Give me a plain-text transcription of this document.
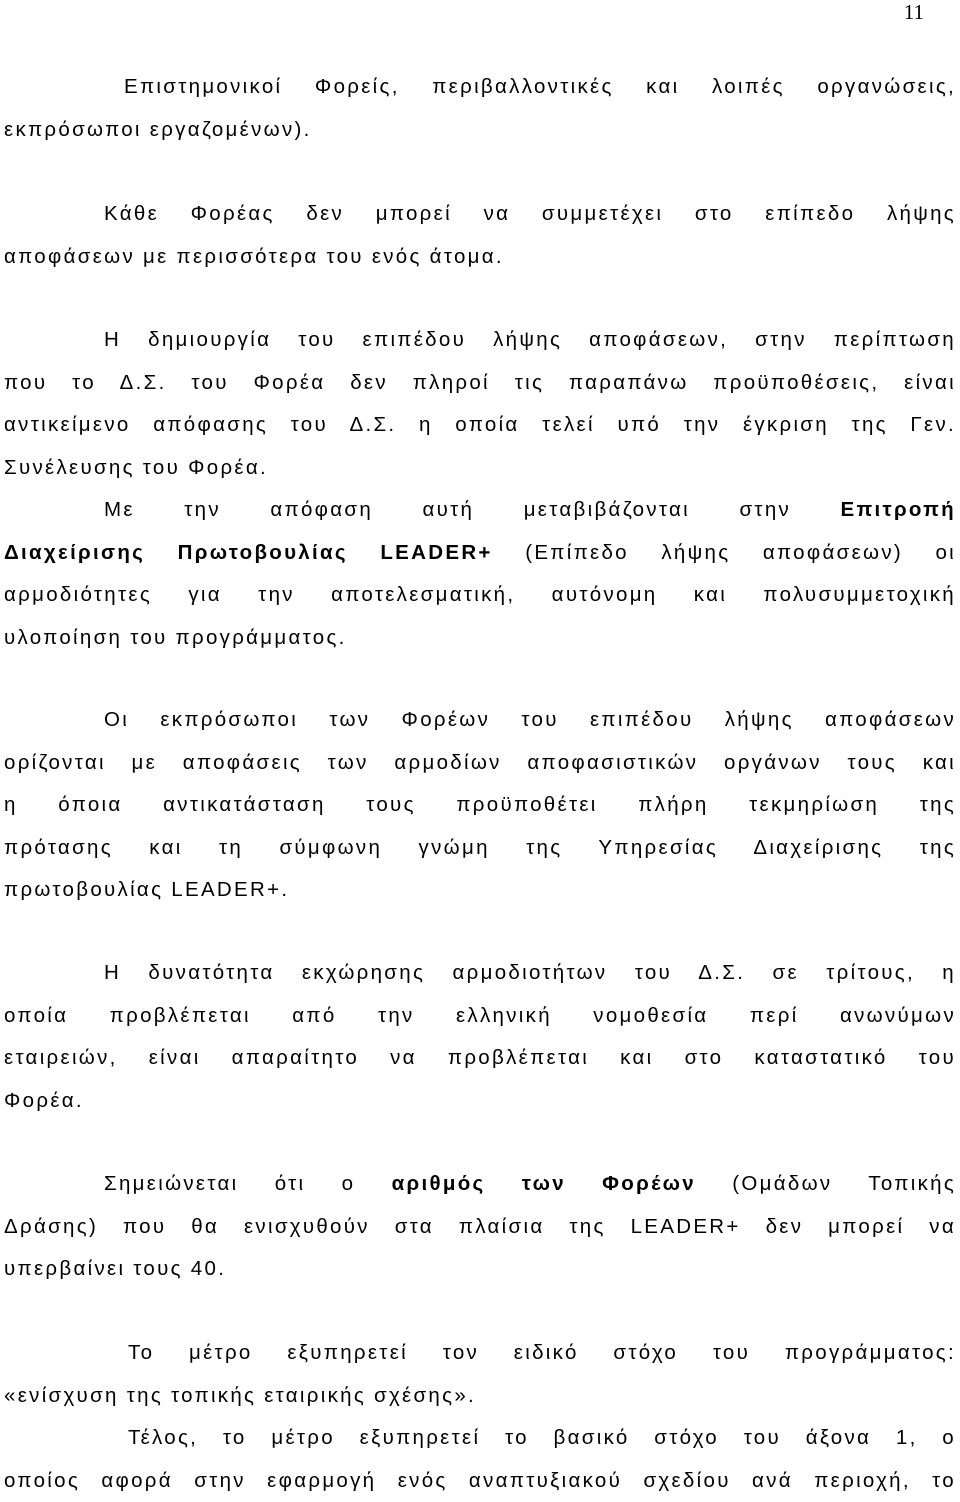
11
Επιστημονικοί Φορείς, περιβαλλοντικές και λοιπές οργανώσεις,
εκπρόσωποι εργαζομένων).
Κάθε Φορέας δεν μπορεί να συμμετέχει στο επίπεδο λήψης
αποφάσεων με περισσότερα του ενός άτομα.
Η δημιουργία του επιπέδου λήψης αποφάσεων, στην περίπτωση
που το Δ.Σ. του Φορέα δεν πληροί τις παραπάνω προϋποθέσεις, είναι
αντικείμενο απόφασης του Δ.Σ. η οποία τελεί υπό την έγκριση της Γεν.
Συνέλευσης του Φορέα.
Με την απόφαση αυτή μεταβιβάζονται στην Επιτροπή
Διαχείρισης Πρωτοβουλίας LEADER+ (Επίπεδο λήψης αποφάσεων) οι
αρμοδιότητες για την αποτελεσματική, αυτόνομη και πολυσυμμετοχική
υλοποίηση του προγράμματος.
Οι εκπρόσωποι των Φορέων του επιπέδου λήψης αποφάσεων
ορίζονται με αποφάσεις των αρμοδίων αποφασιστικών οργάνων τους και
η όποια αντικατάσταση τους προϋποθέτει πλήρη τεκμηρίωση της
πρότασης και τη σύμφωνη γνώμη της Υπηρεσίας Διαχείρισης της
πρωτοβουλίας LEADER+.
Η δυνατότητα εκχώρησης αρμοδιοτήτων του Δ.Σ. σε τρίτους, η
οποία προβλέπεται από την ελληνική νομοθεσία περί ανωνύμων
εταιρειών, είναι απαραίτητο να προβλέπεται και στο καταστατικό του
Φορέα.
Σημειώνεται ότι ο αριθμός των Φορέων (Ομάδων Τοπικής
Δράσης) που θα ενισχυθούν στα πλαίσια της LEADER+ δεν μπορεί να
υπερβαίνει τους 40.
Το μέτρο εξυπηρετεί τον ειδικό στόχο του προγράμματος:
«ενίσχυση της τοπικής εταιρικής σχέσης».
Τέλος, το μέτρο εξυπηρετεί το βασικό στόχο του άξονα 1, ο
οποίος αφορά στην εφαρμογή ενός αναπτυξιακού σχεδίου ανά περιοχή, το
